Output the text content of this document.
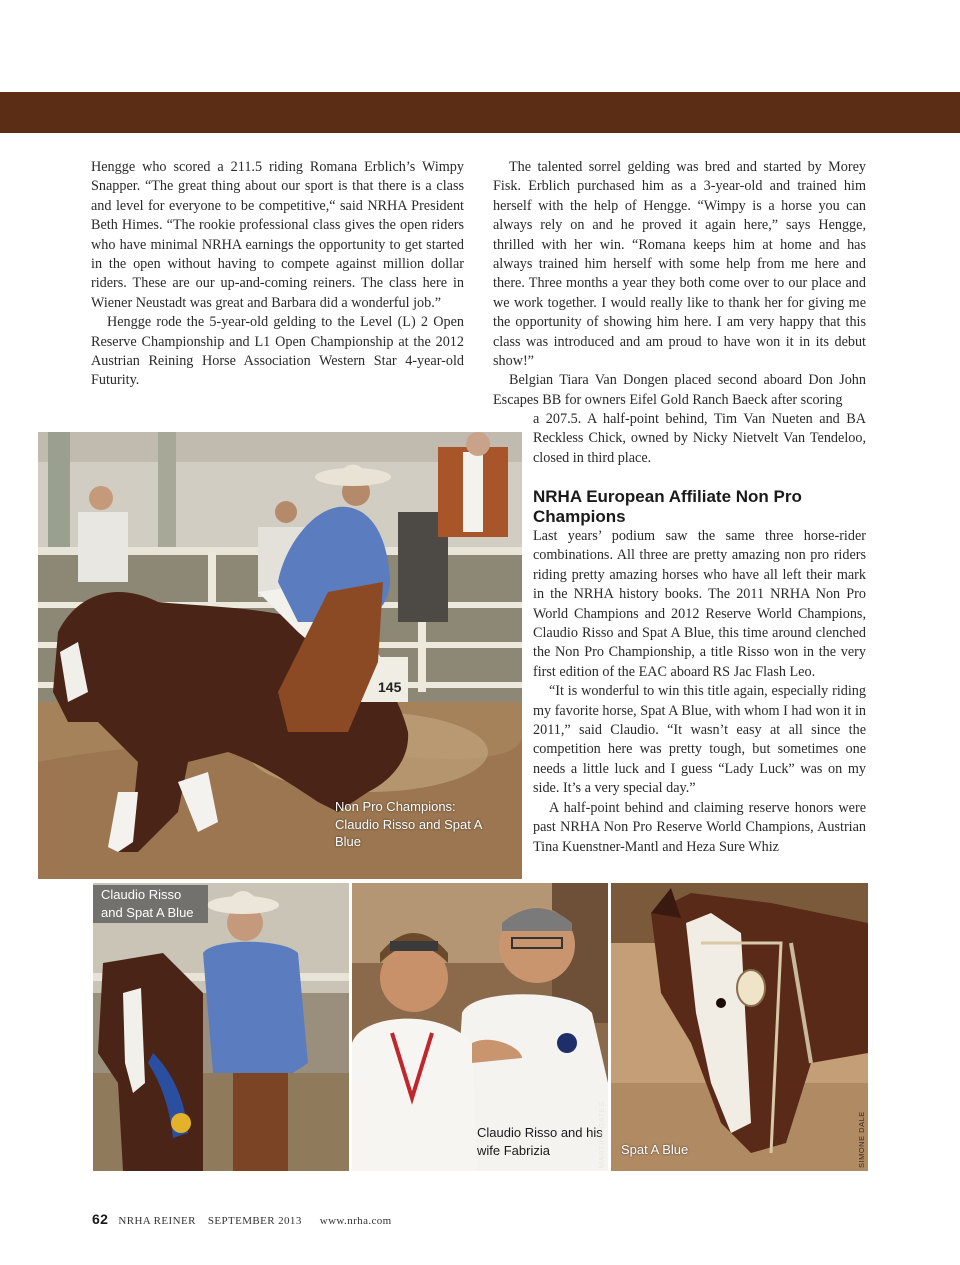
Hengge who scored a 211.5 riding Romana Erblich’s Wimpy Snapper. “The great thing about our sport is that there is a class and level for everyone to be competitive,“ said NRHA President Beth Himes. “The rookie professional class gives the open riders who have minimal NRHA earnings the opportunity to get started in the open without having to compete against million dollar riders. These are our up-and-coming reiners. The class here in Wiener Neustadt was great and Barbara did a wonderful job.”

Hengge rode the 5-year-old gelding to the Level (L) 2 Open Reserve Championship and L1 Open Championship at the 2012 Austrian Reining Horse Association Western Star 4-year-old Futurity.

The talented sorrel gelding was bred and started by Morey Fisk. Erblich purchased him as a 3-year-old and trained him herself with the help of Hengge. “Wimpy is a horse you can always rely on and he proved it again here,” says Hengge, thrilled with her win. “Romana keeps him at home and has always trained him herself with some help from me here and there. Three months a year they both come over to our place and we work together. I would really like to thank her for giving me the opportunity of showing him here. I am very happy that this class was introduced and am proud to have won it in its debut show!”

Belgian Tiara Van Dongen placed second aboard Don John Escapes BB for owners Eifel Gold Ranch Baeck after scoring

a 207.5. A half-point behind, Tim Van Nueten and BA Reckless Chick, owned by Nicky Nietvelt Van Tendeloo, closed in third place.

NRHA European Affiliate Non Pro Champions

Last years’ podium saw the same three horse-rider combinations. All three are pretty amazing non pro riders riding pretty amazing horses who have all left their mark in the NRHA history books. The 2011 NRHA Non Pro World Champions and 2012 Reserve World Champions, Claudio Risso and Spat A Blue, this time around clenched the Non Pro Championship, a title Risso won in the very first edition of the EAC aboard RS Jac Flash Leo.

“It is wonderful to win this title again, especially riding my favorite horse, Spat A Blue, with whom I had won it in 2011,” said Claudio. “It wasn’t easy at all since the competition here was pretty tough, but sometimes one needs a little luck and I guess “Lady Luck” was on my side. It’s a very special day.”

A half-point behind and claiming reserve honors were past NRHA Non Pro Reserve World Champions, Austrian Tina Kuenstner-Mantl and Heza Sure Whiz

145
Non Pro Champions: Claudio Risso and Spat A Blue
Claudio Risso and Spat A Blue
Claudio Risso and his wife Fabrizia	MARTINA GATES Spat A Blue	SIMONE DALE
62 NRHA REINER SEPTEMBER 2013 www.nrha.com
